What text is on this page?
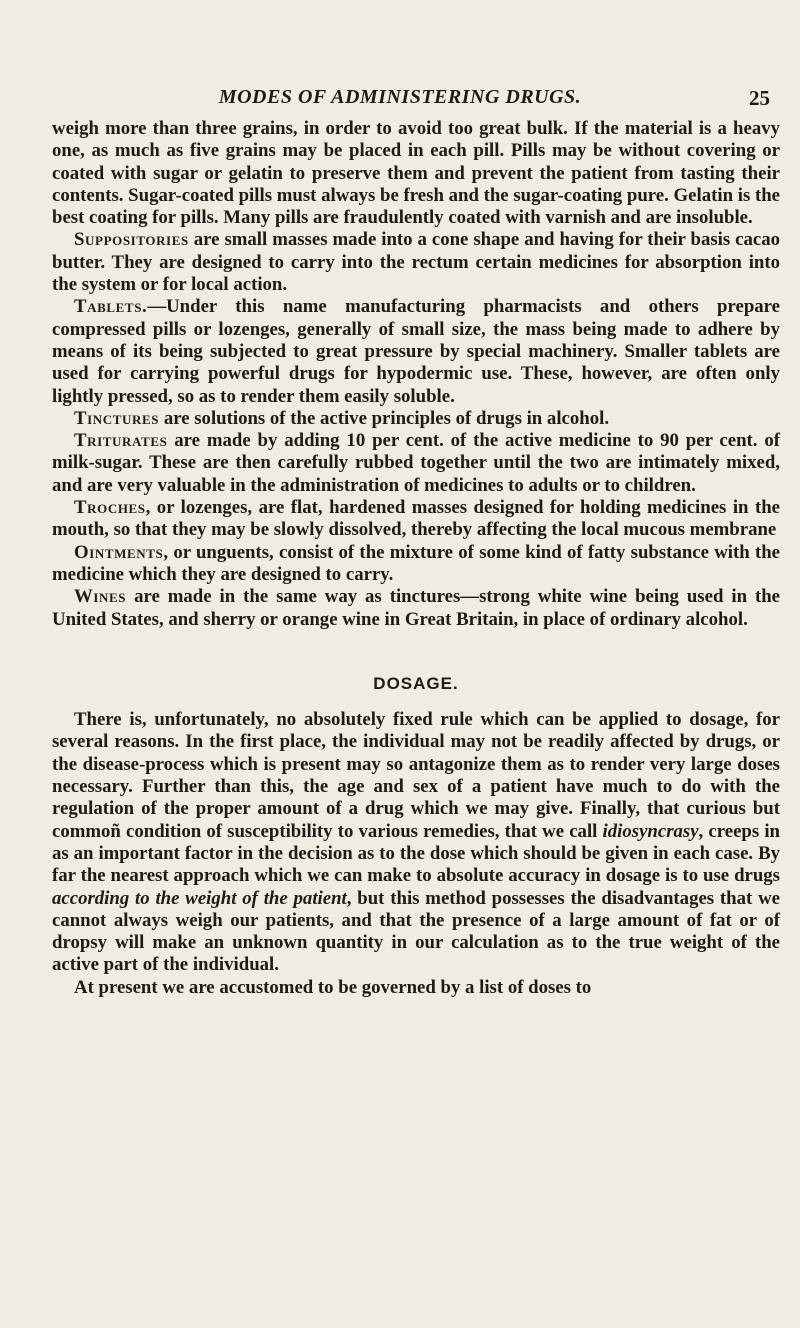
MODES OF ADMINISTERING DRUGS.	25

weigh more than three grains, in order to avoid too great bulk. If the material is a heavy one, as much as five grains may be placed in each pill. Pills may be without covering or coated with sugar or gelatin to preserve them and prevent the patient from tasting their contents. Sugar-coated pills must always be fresh and the sugar-coating pure. Gelatin is the best coating for pills. Many pills are fraudulently coated with varnish and are insoluble.

Suppositories are small masses made into a cone shape and having for their basis cacao butter. They are designed to carry into the rectum certain medicines for absorption into the system or for local action.

Tablets.—Under this name manufacturing pharmacists and others prepare compressed pills or lozenges, generally of small size, the mass being made to adhere by means of its being subjected to great pressure by special machinery. Smaller tablets are used for carrying powerful drugs for hypodermic use. These, however, are often only lightly pressed, so as to render them easily soluble.

Tinctures are solutions of the active principles of drugs in alcohol.

Triturates are made by adding 10 per cent. of the active medicine to 90 per cent. of milk-sugar. These are then carefully rubbed together until the two are intimately mixed, and are very valuable in the administration of medicines to adults or to children.

Troches, or lozenges, are flat, hardened masses designed for holding medicines in the mouth, so that they may be slowly dissolved, thereby affecting the local mucous membrane

Ointments, or unguents, consist of the mixture of some kind of fatty substance with the medicine which they are designed to carry.

Wines are made in the same way as tinctures—strong white wine being used in the United States, and sherry or orange wine in Great Britain, in place of ordinary alcohol.

DOSAGE.

There is, unfortunately, no absolutely fixed rule which can be applied to dosage, for several reasons. In the first place, the individual may not be readily affected by drugs, or the disease-process which is present may so antagonize them as to render very large doses necessary. Further than this, the age and sex of a patient have much to do with the regulation of the proper amount of a drug which we may give. Finally, that curious but commoñ condition of susceptibility to various remedies, that we call idiosyncrasy, creeps in as an important factor in the decision as to the dose which should be given in each case. By far the nearest approach which we can make to absolute accuracy in dosage is to use drugs according to the weight of the patient, but this method possesses the disadvantages that we cannot always weigh our patients, and that the presence of a large amount of fat or of dropsy will make an unknown quantity in our calculation as to the true weight of the active part of the individual.

At present we are accustomed to be governed by a list of doses to
